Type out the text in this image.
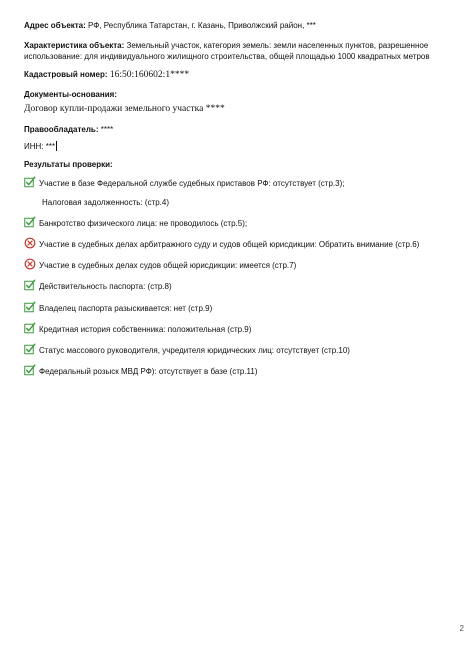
Адрес объекта: РФ, Республика Татарстан, г. Казань, Приволжский район, ***
Характеристика объекта: Земельный участок, категория земель: земли населенных пунктов, разрешенное использование: для индивидуального жилищного строительства, общей площадью 1000 квадратных метров
Кадастровый номер: 16:50:160602:1****
Документы-основания:
Договор купли-продажи земельного участка ****
Правообладатель: ****
ИНН: ***
Результаты проверки:
Участие в базе Федеральной службе судебных приставов РФ: отсутствует (стр.3);
Налоговая задолженность: (стр.4)
Банкротство физического лица: не проводилось (стр.5);
Участие в судебных делах арбитражного суду и судов общей юрисдикции: Обратить внимание (стр.6)
Участие в судебных делах судов общей юрисдикции: имеется (стр.7)
Действительность паспорта: (стр.8)
Владелец паспорта разыскивается: нет (стр.9)
Кредитная история собственника: положительная (стр.9)
Статус массового руководителя, учредителя юридических лиц: отсутствует (стр.10)
Федеральный розыск МВД РФ): отсутствует в базе (стр.11)
2
